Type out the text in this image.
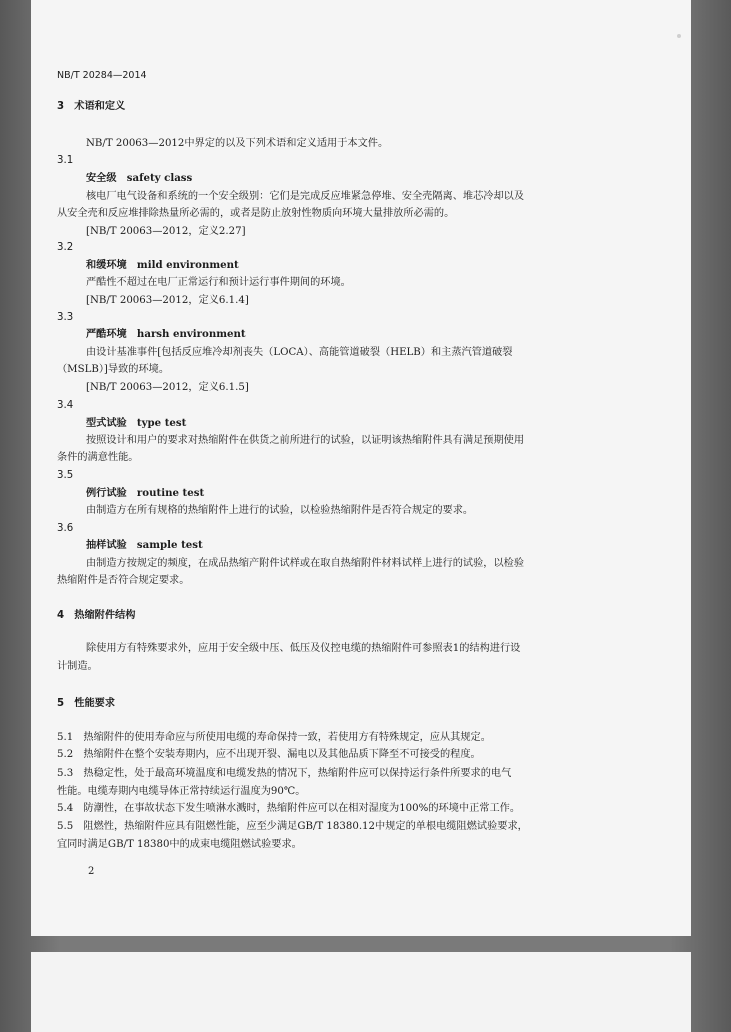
NB/T 20284—2014
3　术语和定义
NB/T 20063—2012中界定的以及下列术语和定义适用于本文件。
3.1
安全级　safety class
核电厂电气设备和系统的一个安全级别：它们是完成反应堆紧急停堆、安全壳隔离、堆芯冷却以及
从安全壳和反应堆排除热量所必需的，或者是防止放射性物质向环境大量排放所必需的。
[NB/T 20063—2012，定义2.27]
3.2
和缓环境　mild environment
严酷性不超过在电厂正常运行和预计运行事件期间的环境。
[NB/T 20063—2012，定义6.1.4]
3.3
严酷环境　harsh environment
由设计基准事件[包括反应堆冷却剂丧失（LOCA）、高能管道破裂（HELB）和主蒸汽管道破裂
（MSLB）]导致的环境。
[NB/T 20063—2012，定义6.1.5]
3.4
型式试验　type test
按照设计和用户的要求对热缩附件在供货之前所进行的试验，以证明该热缩附件具有满足预期使用
条件的满意性能。
3.5
例行试验　routine test
由制造方在所有规格的热缩附件上进行的试验，以检验热缩附件是否符合规定的要求。
3.6
抽样试验　sample test
由制造方按规定的频度，在成品热缩产附件试样或在取自热缩附件材料试样上进行的试验，以检验
热缩附件是否符合规定要求。
4　热缩附件结构
除使用方有特殊要求外，应用于安全级中压、低压及仪控电缆的热缩附件可参照表1的结构进行设
计制造。
5　性能要求
5.1　热缩附件的使用寿命应与所使用电缆的寿命保持一致，若使用方有特殊规定，应从其规定。
5.2　热缩附件在整个安装寿期内，应不出现开裂、漏电以及其他品质下降至不可接受的程度。
5.3　热稳定性，处于最高环境温度和电缆发热的情况下，热缩附件应可以保持运行条件所要求的电气
性能。电缆寿期内电缆导体正常持续运行温度为90℃。
5.4　防潮性，在事故状态下发生喷淋水溅时，热缩附件应可以在相对湿度为100%的环境中正常工作。
5.5　阻燃性，热缩附件应具有阻燃性能，应至少满足GB/T 18380.12中规定的单根电缆阻燃试验要求，
宜同时满足GB/T 18380中的成束电缆阻燃试验要求。
2
